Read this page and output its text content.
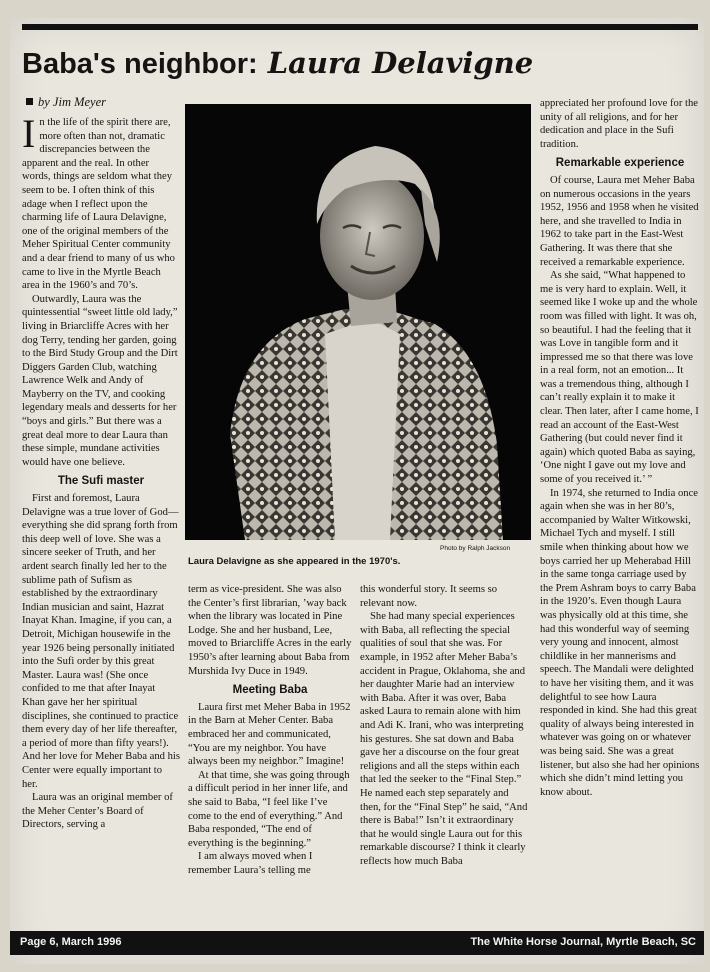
Baba's neighbor: Laura Delavigne
by Jim Meyer

In the life of the spirit there are, more often than not, dramatic discrepancies between the apparent and the real. In other words, things are seldom what they seem to be. I often think of this adage when I reflect upon the charming life of Laura Delavigne, one of the original members of the Meher Spiritual Center community and a dear friend to many of us who came to live in the Myrtle Beach area in the 1960’s and 70’s.

Outwardly, Laura was the quintessential “sweet little old lady,” living in Briarcliffe Acres with her dog Terry, tending her garden, going to the Bird Study Group and the Dirt Diggers Garden Club, watching Lawrence Welk and Andy of Mayberry on the TV, and cooking legendary meals and desserts for her “boys and girls.” But there was a great deal more to dear Laura than these simple, mundane activities would have one believe.

The Sufi master

First and foremost, Laura Delavigne was a true lover of God— everything she did sprang forth from this deep well of love. She was a sincere seeker of Truth, and her ardent search finally led her to the sublime path of Sufism as established by the extraordinary Indian musician and saint, Hazrat Inayat Khan. Imagine, if you can, a Detroit, Michigan housewife in the year 1926 being personally initiated into the Sufi order by this great Master. Laura was! (She once confided to me that after Inayat Khan gave her her spiritual disciplines, she continued to practice them every day of her life thereafter, a period of more than fifty years!). And her love for Meher Baba and his Center were equally important to her.

Laura was an original member of the Meher Center’s Board of Directors, serving a

Photo by Ralph Jackson
Laura Delavigne as she appeared in the 1970's.

term as vice-president. She was also the Center’s first librarian, ’way back when the library was located in Pine Lodge. She and her husband, Lee, moved to Briarcliffe Acres in the early 1950’s after learning about Baba from Murshida Ivy Duce in 1949.

Meeting Baba

Laura first met Meher Baba in 1952 in the Barn at Meher Center. Baba embraced her and communicated, “You are my neighbor. You have always been my neighbor.” Imagine!

At that time, she was going through a difficult period in her inner life, and she said to Baba, “I feel like I’ve come to the end of everything.” And Baba responded, “The end of everything is the beginning.”

I am always moved when I remember Laura’s telling me

this wonderful story. It seems so relevant now.

She had many special experiences with Baba, all reflecting the special qualities of soul that she was. For example, in 1952 after Meher Baba’s accident in Prague, Oklahoma, she and her daughter Marie had an interview with Baba. After it was over, Baba asked Laura to remain alone with him and Adi K. Irani, who was interpreting his gestures. She sat down and Baba gave her a discourse on the four great religions and all the steps within each that led the seeker to the “Final Step.” He named each step separately and then, for the “Final Step” he said, “And there is Baba!” Isn’t it extraordinary that he would single Laura out for this remarkable discourse? I think it clearly reflects how much Baba

appreciated her profound love for the unity of all religions, and for her dedication and place in the Sufi tradition.

Remarkable experience

Of course, Laura met Meher Baba on numerous occasions in the years 1952, 1956 and 1958 when he visited here, and she travelled to India in 1962 to take part in the East-West Gathering. It was there that she received a remarkable experience.

As she said, “What happened to me is very hard to explain. Well, it seemed like I woke up and the whole room was filled with light. It was oh, so beautiful. I had the feeling that it was Love in tangible form and it impressed me so that there was love in a real form, not an emotion... It was a tremendous thing, although I can’t really explain it to make it clear. Then later, after I came home, I read an account of the East-West Gathering (but could never find it again) which quoted Baba as saying, ‘One night I gave out my love and some of you received it.’ ”

In 1974, she returned to India once again when she was in her 80’s, accompanied by Walter Witkowski, Michael Tych and myself. I still smile when thinking about how we boys carried her up Meherabad Hill in the same tonga carriage used by the Prem Ashram boys to carry Baba in the 1920’s. Even though Laura was physically old at this time, she had this wonderful way of seeming very young and innocent, almost childlike in her mannerisms and speech. The Mandali were delighted to have her visiting them, and it was delightful to see how Laura responded in kind. She had this great quality of always being interested in whatever was going on or whatever was being said. She was a great listener, but also she had her opinions which she didn’t mind letting you know about.

Page 6, March 1996	The White Horse Journal, Myrtle Beach, SC
